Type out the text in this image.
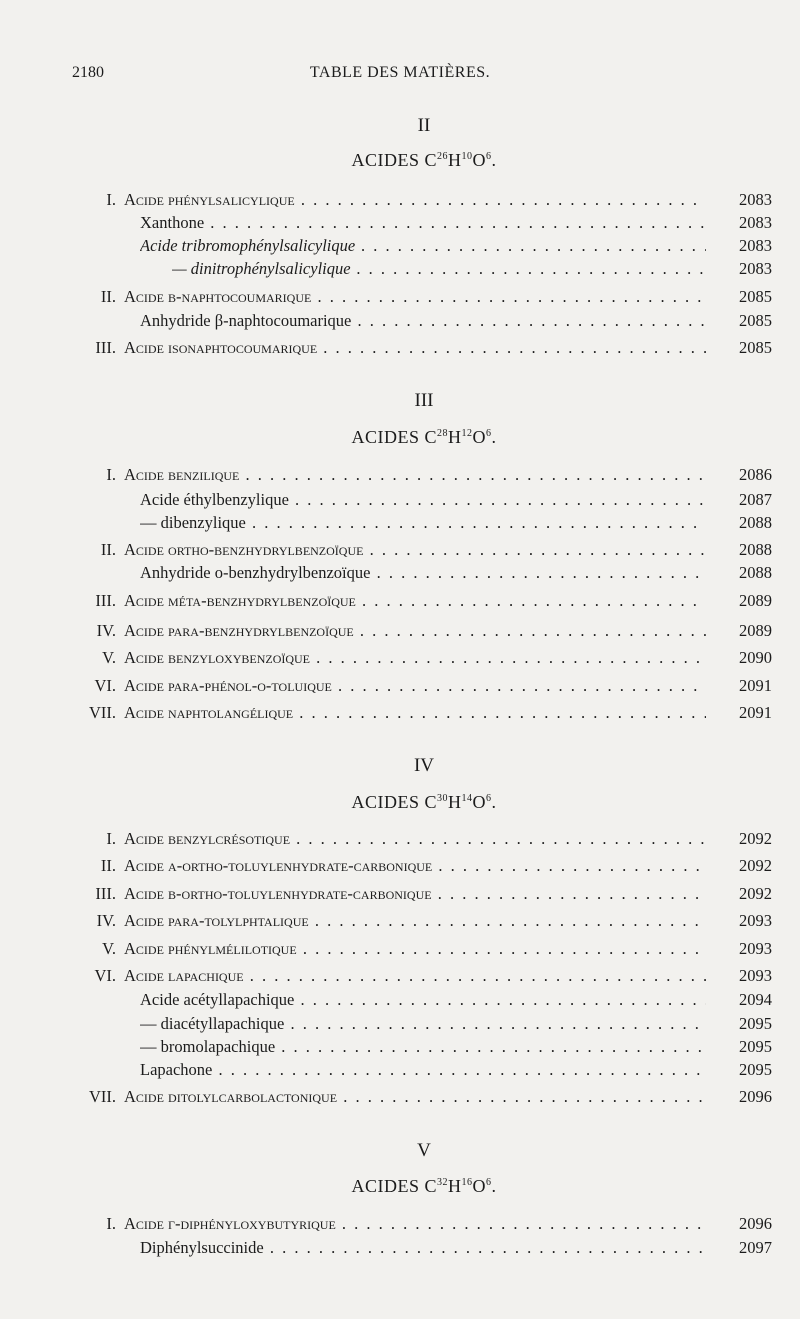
2180	TABLE DES MATIÈRES.
II
ACIDES $C^{26}H^{10}O^6$.
I. Acide phénylsalicylique . . .	2083
Xanthone . . .	2083
Acide tribromophénylsalicylique . . .	2083
— dinitrophénylsalicylique . . .	2083
II. Acide β-naphtocoumarique . . .	2085
Anhydride β-naphtocoumarique . . .	2085
III. Acide isonaphtocoumarique . . .	2085
III
ACIDES $C^{28}H^{12}O^6$.
I. Acide benzilique . . .	2086
Acide éthylbenzylique . . .	2087
— dibenzylique . . .	2088
II. Acide ortho-benzhydrylbenzoïque . . .	2088
Anhydride o-benzhydrylbenzoïque . . .	2088
III. Acide méta-benzhydrylbenzoïque . . .	2089
IV. Acide para-benzhydrylbenzoïque . . .	2089
V. Acide benzyloxybenzoïque . . .	2090
VI. Acide para-phénol-o-toluique . . .	2091
VII. Acide naphtolangélique . . .	2091
IV
ACIDES $C^{30}H^{14}O^6$.
I. Acide benzylcrésotique . . .	2092
II. Acide α-ortho-toluylenhydrate-carbonique . . .	2092
III. Acide β-ortho-toluylenhydrate-carbonique . . .	2092
IV. Acide para-tolylphtalique . . .	2093
V. Acide phénylmélilotique . . .	2093
VI. Acide lapachique . . .	2093
Acide acétyllapachique . . .	2094
— diacétyllapachique . . .	2095
— bromolapachique . . .	2095
Lapachone . . .	2095
VII. Acide ditolylcarbolactonique . . .	2096
V
ACIDES $C^{32}H^{16}O^6$.
I. Acide γ-diphényloxybutyrique . . .	2096
Diphénylsuccinide . . .	2097
